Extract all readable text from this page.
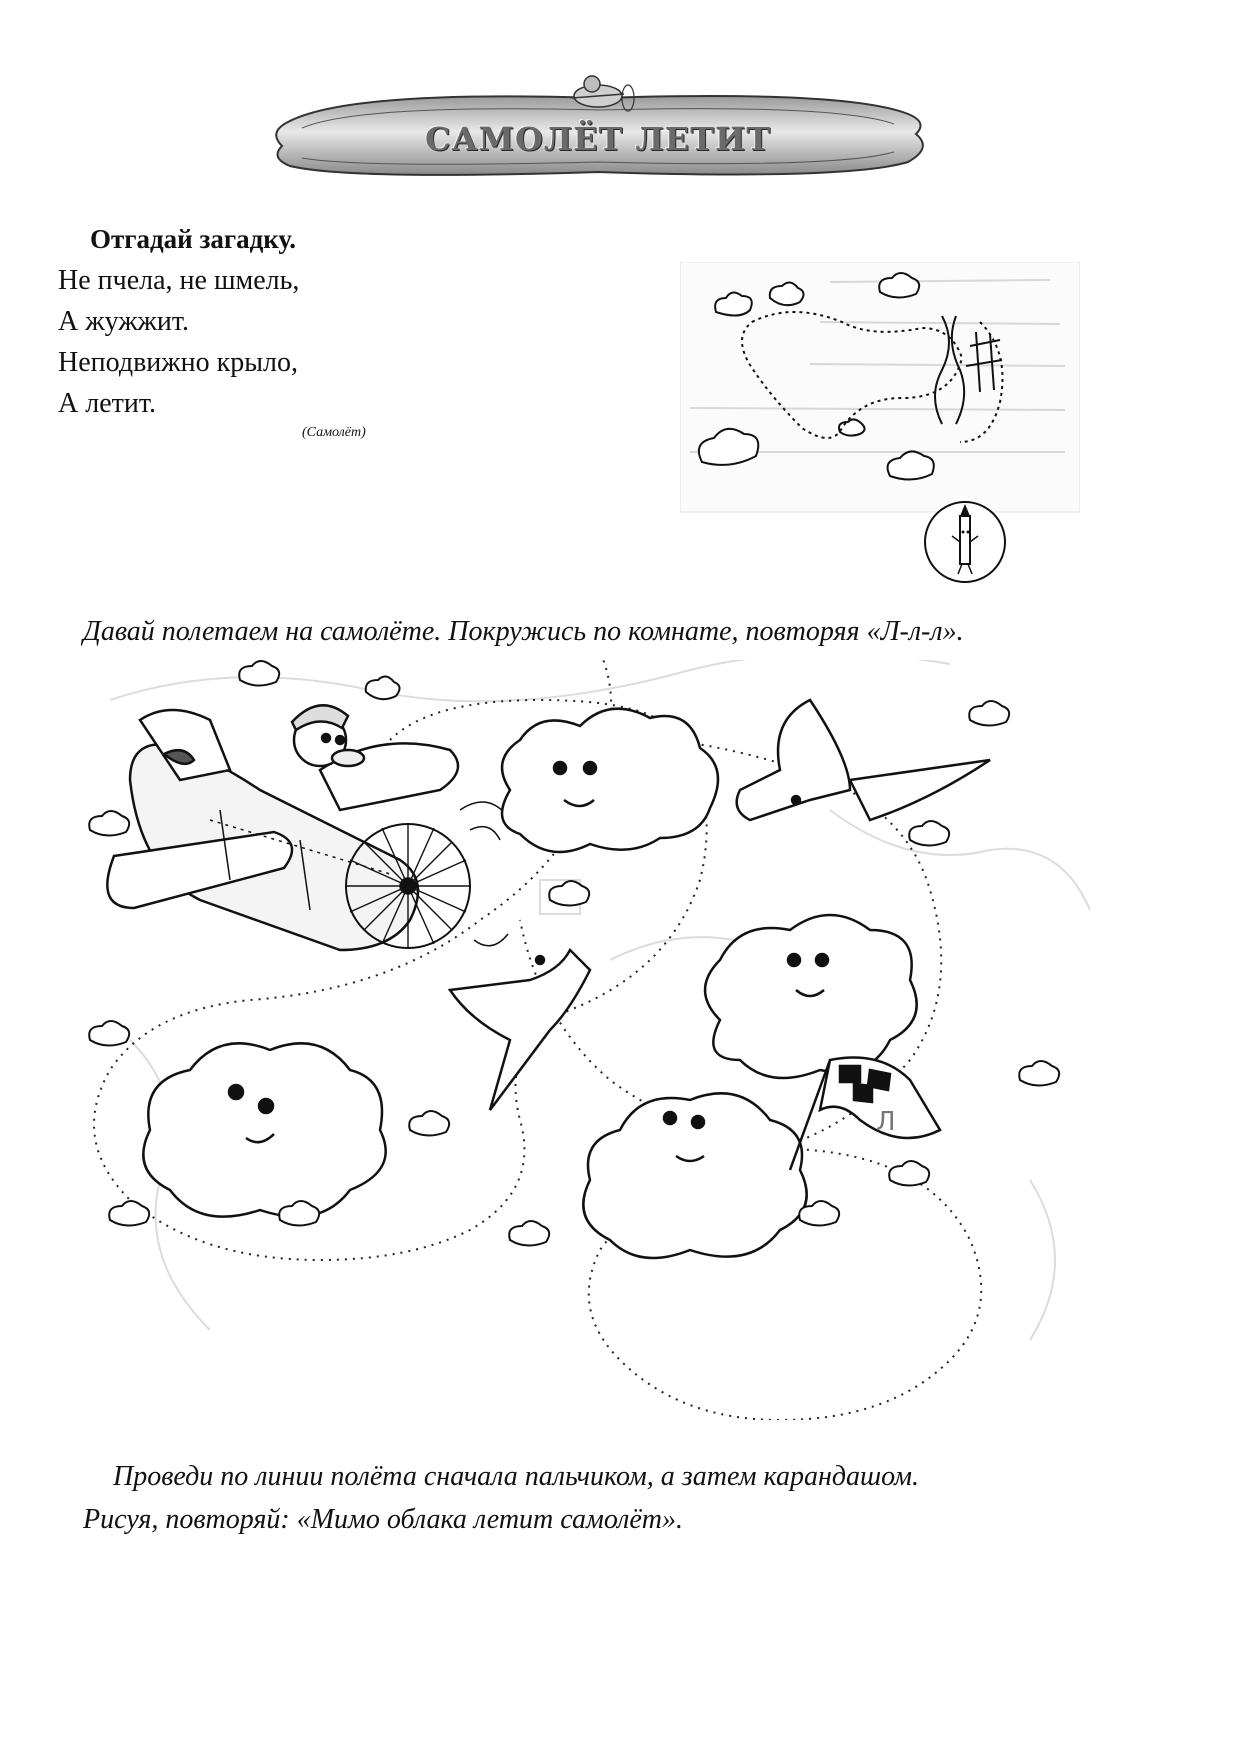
САМОЛЁТ ЛЕТИТ
Отгадай загадку.
Не пчела, не шмель,
А жужжит.
Неподвижно крыло,
А летит.
(Самолёт)
Давай полетаем на самолёте. Покружись по комнате, повторяя «Л-л-л».
Л
Проведи по линии полёта сначала пальчиком, а затем карандашом.
Рисуя, повторяй: «Мимо облака летит самолёт».
